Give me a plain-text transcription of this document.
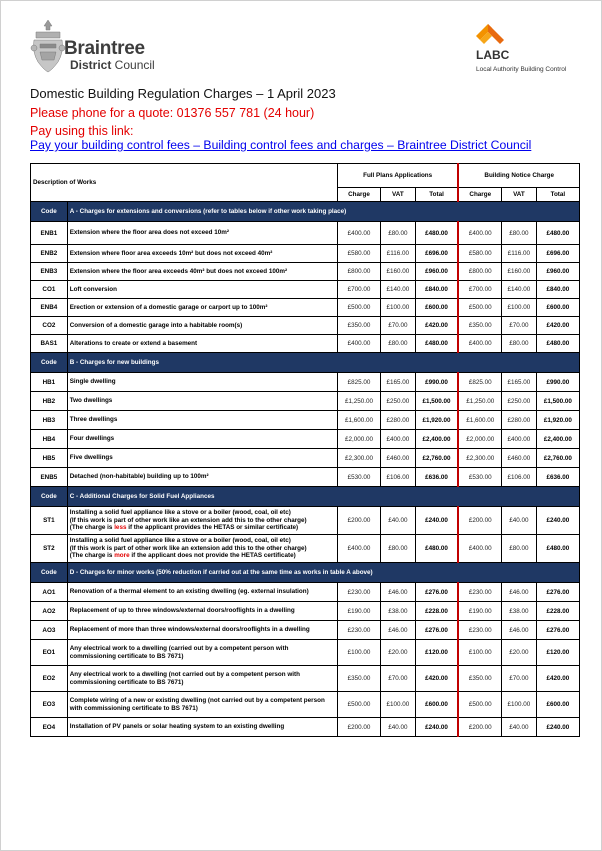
Braintree
District Council
LABC
Local Authority Building Control
Domestic Building Regulation Charges – 1 April 2023
Please phone for a quote: 01376 557 781 (24 hour)
Pay using this link:
Pay your building control fees – Building control fees and charges – Braintree District Council
Description of Works		Full Plans Applications			Building Notice Charge		
		Charge	VAT	Total	Charge	VAT	Total
Code	A - Charges for extensions and conversions (refer to tables below if other work taking place)						
ENB1	Extension where the floor area does not exceed 10m²	£400.00	£80.00	£480.00	£400.00	£80.00	£480.00
ENB2	Extension where floor area exceeds 10m² but does not exceed 40m²	£580.00	£116.00	£696.00	£580.00	£116.00	£696.00
ENB3	Extension where the floor area exceeds 40m² but does not exceed 100m²	£800.00	£160.00	£960.00	£800.00	£160.00	£960.00
CO1	Loft conversion	£700.00	£140.00	£840.00	£700.00	£140.00	£840.00
ENB4	Erection or extension of a domestic garage or carport up to 100m²	£500.00	£100.00	£600.00	£500.00	£100.00	£600.00
CO2	Conversion of a domestic garage into a habitable room(s)	£350.00	£70.00	£420.00	£350.00	£70.00	£420.00
BAS1	Alterations to create or extend a basement	£400.00	£80.00	£480.00	£400.00	£80.00	£480.00
Code	B - Charges for new buildings						
HB1	Single dwelling	£825.00	£165.00	£990.00	£825.00	£165.00	£990.00
HB2	Two dwellings	£1,250.00	£250.00	£1,500.00	£1,250.00	£250.00	£1,500.00
HB3	Three dwellings	£1,600.00	£280.00	£1,920.00	£1,600.00	£280.00	£1,920.00
HB4	Four dwellings	£2,000.00	£400.00	£2,400.00	£2,000.00	£400.00	£2,400.00
HB5	Five dwellings	£2,300.00	£460.00	£2,760.00	£2,300.00	£460.00	£2,760.00
ENB5	Detached (non-habitable) building up to 100m²	£530.00	£106.00	£636.00	£530.00	£106.00	£636.00
Code	C - Additional Charges for Solid Fuel Appliances						
ST1	Installing a solid fuel appliance like a stove or a boiler (wood, coal, oil etc)
(If this work is part of other work like an extension add this to the other charge)
(The charge is less if the applicant provides the HETAS or similar certificate)	£200.00	£40.00	£240.00	£200.00	£40.00	£240.00
ST2	Installing a solid fuel appliance like a stove or a boiler (wood, coal, oil etc)
(If this work is part of other work like an extension add this to the other charge)
(The charge is more if the applicant does not provide the HETAS certificate)	£400.00	£80.00	£480.00	£400.00	£80.00	£480.00
Code	D - Charges for minor works (50% reduction if carried out at the same time as works in table A above)						
AO1	Renovation of a thermal element to an existing dwelling (eg. external insulation)	£230.00	£46.00	£276.00	£230.00	£46.00	£276.00
AO2	Replacement of up to three windows/external doors/rooflights in a dwelling	£190.00	£38.00	£228.00	£190.00	£38.00	£228.00
AO3	Replacement of more than three windows/external doors/rooflights in a dwelling	£230.00	£46.00	£276.00	£230.00	£46.00	£276.00
EO1	Any electrical work to a dwelling (carried out by a competent person with commissioning certificate to BS 7671)	£100.00	£20.00	£120.00	£100.00	£20.00	£120.00
EO2	Any electrical work to a dwelling (not carried out by a competent person with commissioning certificate to BS 7671)	£350.00	£70.00	£420.00	£350.00	£70.00	£420.00
EO3	Complete wiring of a new or existing dwelling (not carried out by a competent person with commissioning certificate to BS 7671)	£500.00	£100.00	£600.00	£500.00	£100.00	£600.00
EO4	Installation of PV panels or solar heating system to an existing dwelling	£200.00	£40.00	£240.00	£200.00	£40.00	£240.00
